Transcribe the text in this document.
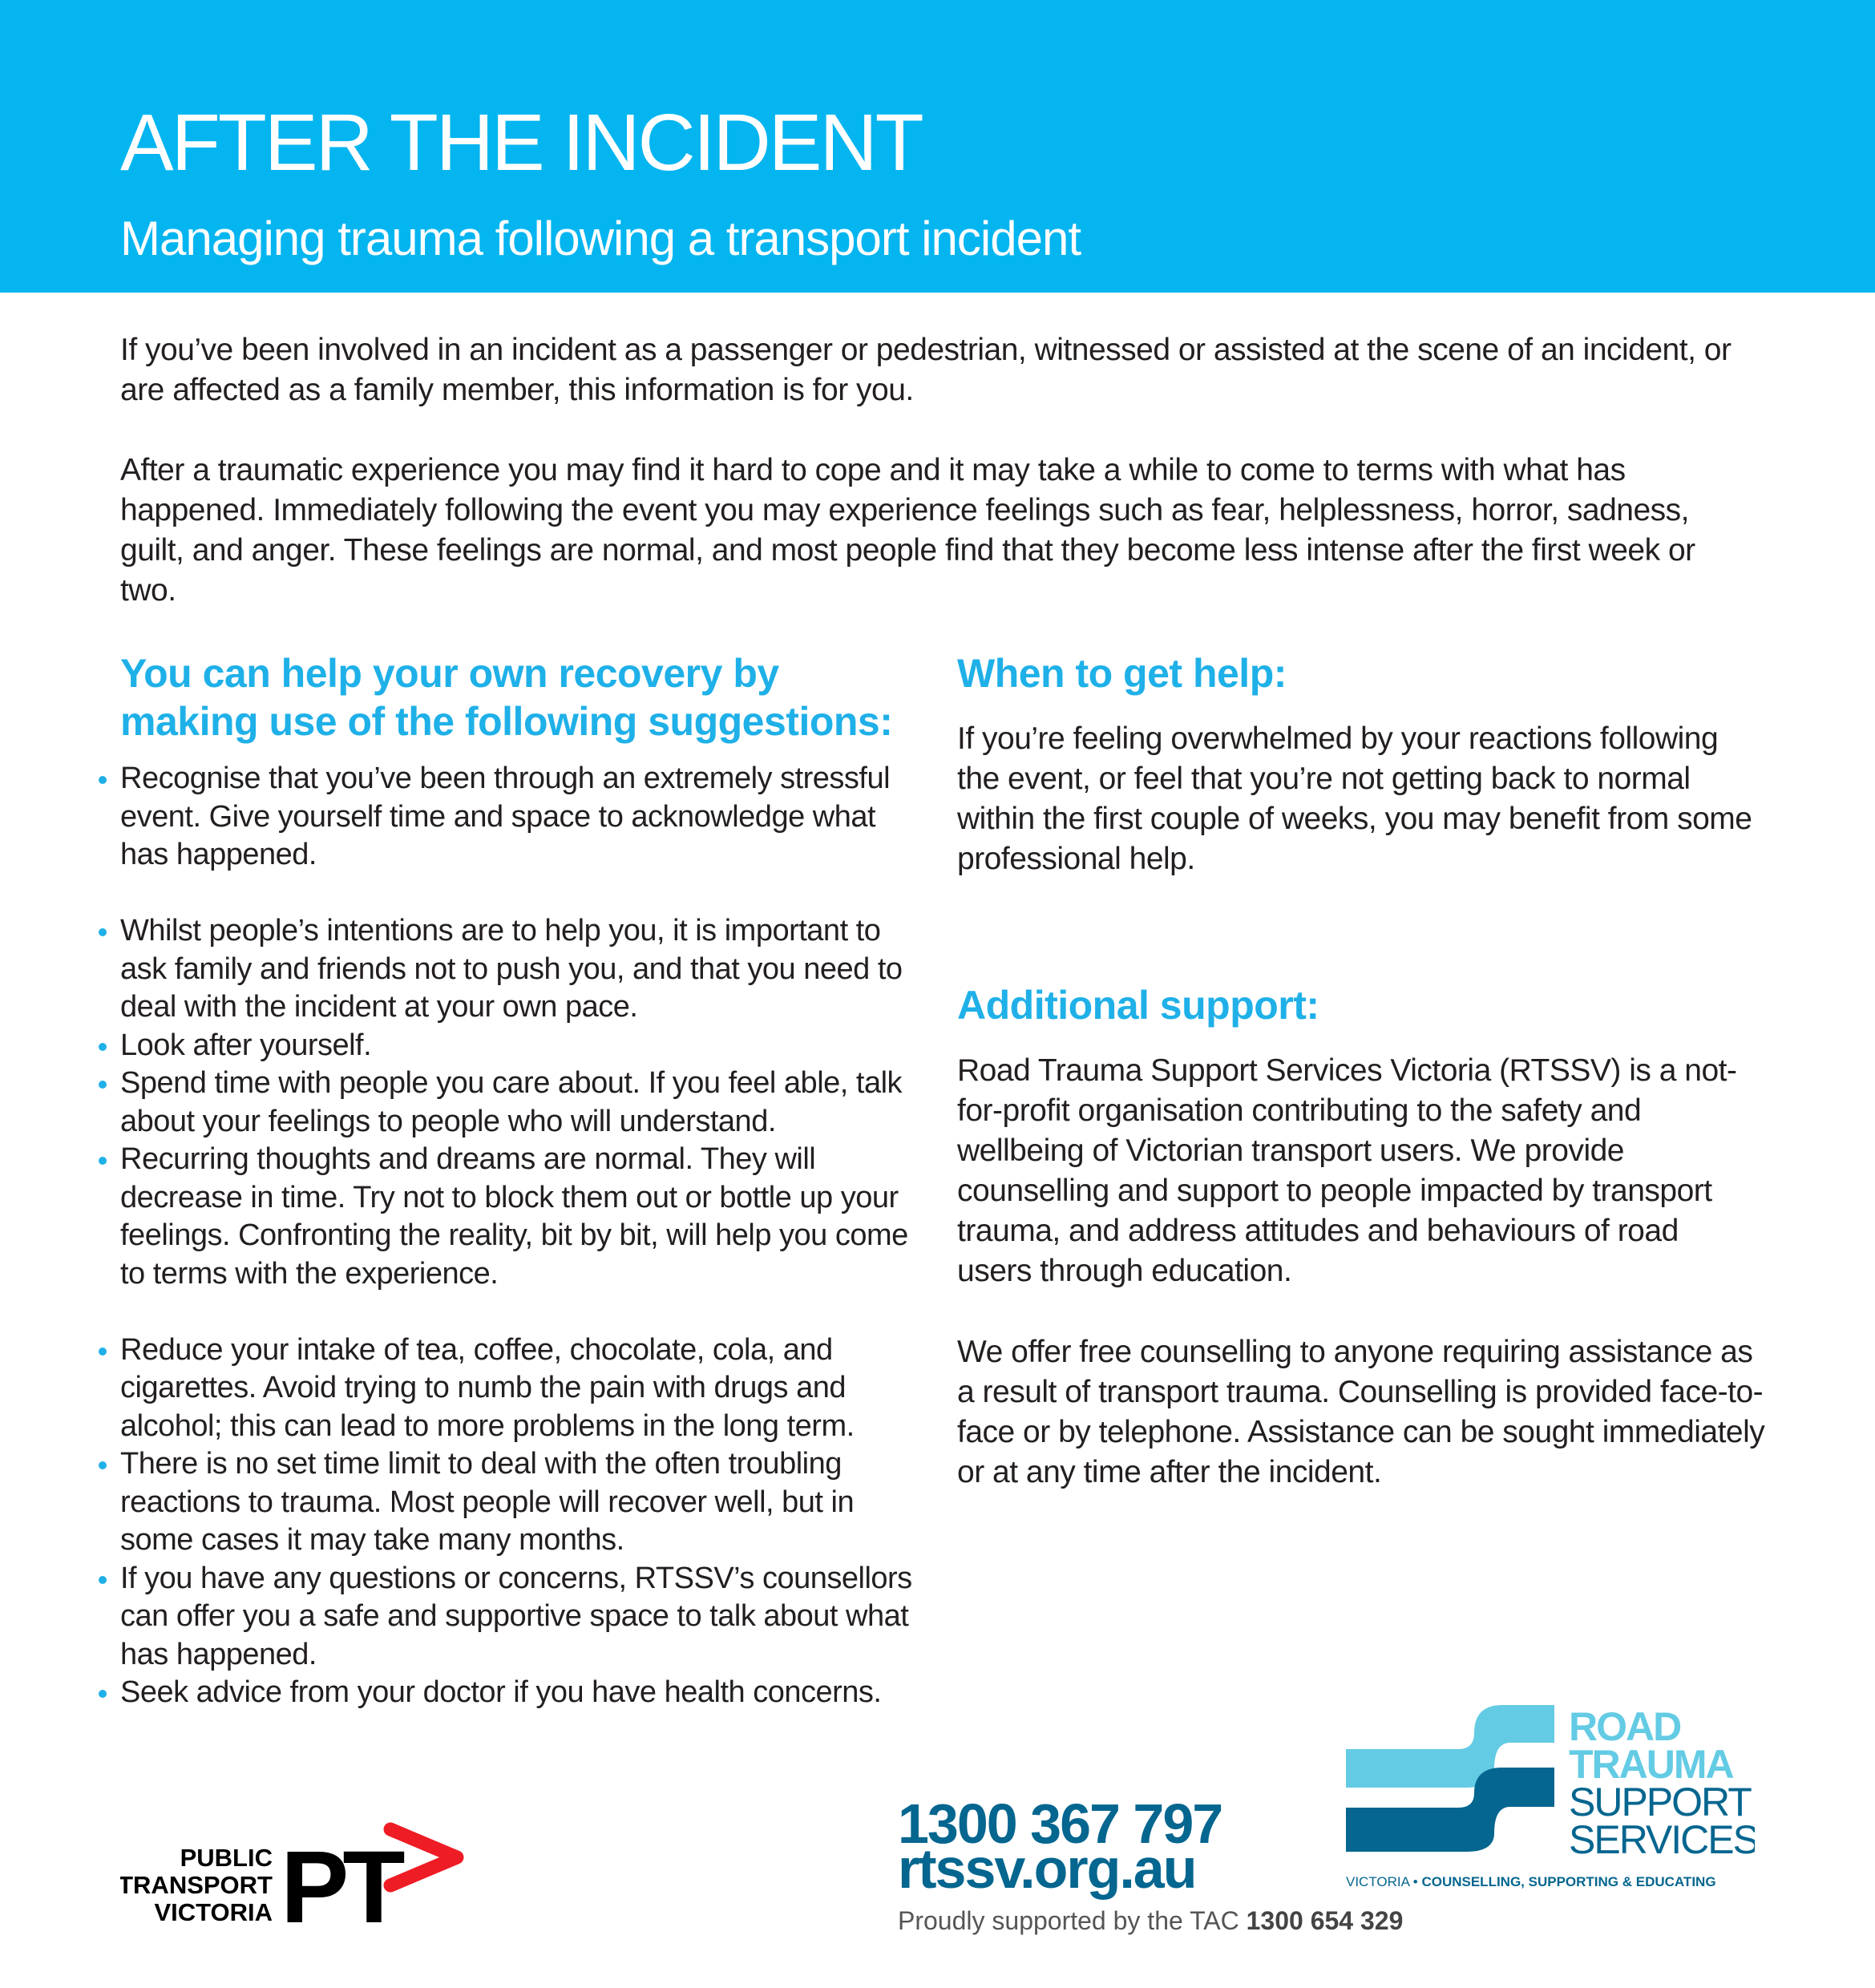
AFTER THE INCIDENT
Managing trauma following a transport incident

If you’ve been involved in an incident as a passenger or pedestrian, witnessed or assisted at the scene of an incident, or are affected as a family member, this information is for you.

After a traumatic experience you may find it hard to cope and it may take a while to come to terms with what has happened. Immediately following the event you may experience feelings such as fear, helplessness, horror, sadness, guilt, and anger. These feelings are normal, and most people find that they become less intense after the first week or two.

You can help your own recovery by making use of the following suggestions:
Recognise that you’ve been through an extremely stressful event. Give yourself time and space to acknowledge what has happened.
Whilst people’s intentions are to help you, it is important to ask family and friends not to push you, and that you need to deal with the incident at your own pace.
Look after yourself.
Spend time with people you care about. If you feel able, talk about your feelings to people who will understand.
Recurring thoughts and dreams are normal. They will decrease in time. Try not to block them out or bottle up your feelings. Confronting the reality, bit by bit, will help you come to terms with the experience.
Reduce your intake of tea, coffee, chocolate, cola, and cigarettes. Avoid trying to numb the pain with drugs and alcohol; this can lead to more problems in the long term.
There is no set time limit to deal with the often troubling reactions to trauma. Most people will recover well, but in some cases it may take many months.
If you have any questions or concerns, RTSSV’s counsellors can offer you a safe and supportive space to talk about what has happened.
Seek advice from your doctor if you have health concerns.
When to get help:

If you’re feeling overwhelmed by your reactions following the event, or feel that you’re not getting back to normal within the first couple of weeks, you may benefit from some professional help.

Additional support:

Road Trauma Support Services Victoria (RTSSV) is a not-for-profit organisation contributing to the safety and wellbeing of Victorian transport users. We provide counselling and support to people impacted by transport trauma, and address attitudes and behaviours of road users through education.

We offer free counselling to anyone requiring assistance as a result of transport trauma. Counselling is provided face-to-face or by telephone. Assistance can be sought immediately or at any time after the incident.

PUBLIC
TRANSPORT
VICTORIA PT
1300 367 797
rtssv.org.au
Proudly supported by the TAC 1300 654 329
ROAD
TRAUMA
SUPPORT
SERVICES
VICTORIA • COUNSELLING, SUPPORTING & EDUCATING
